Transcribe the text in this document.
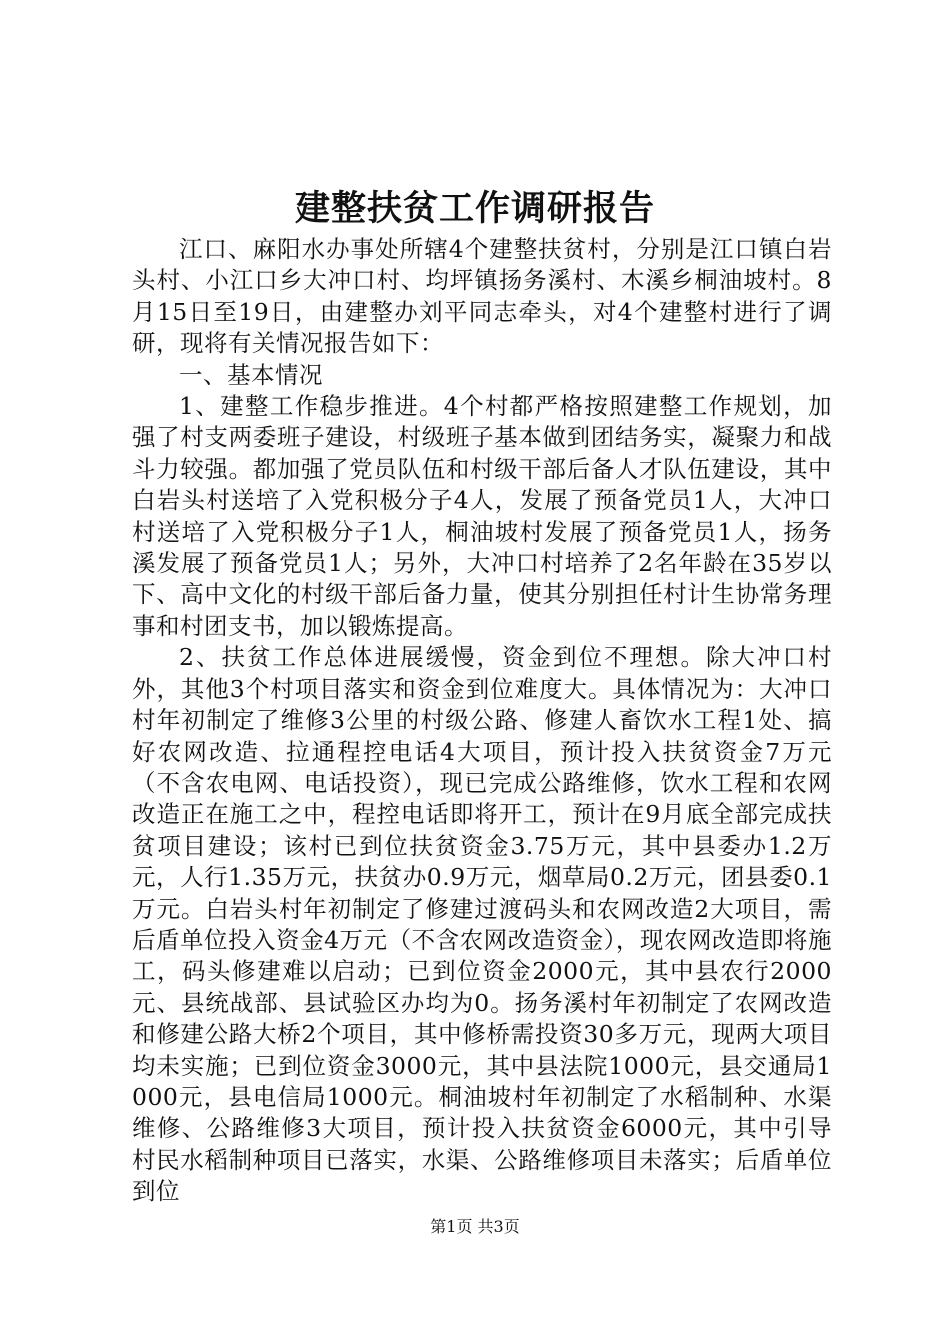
建整扶贫工作调研报告

江口、麻阳水办事处所辖4个建整扶贫村，分别是江口镇白岩头村、小江口乡大冲口村、均坪镇扬务溪村、木溪乡桐油坡村。8月15日至19日，由建整办刘平同志牵头，对4个建整村进行了调研，现将有关情况报告如下：

一、基本情况

1、建整工作稳步推进。4个村都严格按照建整工作规划，加强了村支两委班子建设，村级班子基本做到团结务实，凝聚力和战斗力较强。都加强了党员队伍和村级干部后备人才队伍建设，其中白岩头村送培了入党积极分子4人，发展了预备党员1人，大冲口村送培了入党积极分子1人，桐油坡村发展了预备党员1人，扬务溪发展了预备党员1人；另外，大冲口村培养了2名年龄在35岁以下、高中文化的村级干部后备力量，使其分别担任村计生协常务理事和村团支书，加以锻炼提高。

2、扶贫工作总体进展缓慢，资金到位不理想。除大冲口村外，其他3个村项目落实和资金到位难度大。具体情况为：大冲口村年初制定了维修3公里的村级公路、修建人畜饮水工程1处、搞好农网改造、拉通程控电话4大项目，预计投入扶贫资金7万元（不含农电网、电话投资），现已完成公路维修，饮水工程和农网改造正在施工之中，程控电话即将开工，预计在9月底全部完成扶贫项目建设；该村已到位扶贫资金3.75万元，其中县委办1.2万元，人行1.35万元，扶贫办0.9万元，烟草局0.2万元，团县委0.1万元。白岩头村年初制定了修建过渡码头和农网改造2大项目，需后盾单位投入资金4万元（不含农网改造资金），现农网改造即将施工，码头修建难以启动；已到位资金2000元，其中县农行2000元、县统战部、县试验区办均为0。扬务溪村年初制定了农网改造和修建公路大桥2个项目，其中修桥需投资30多万元，现两大项目均未实施；已到位资金3000元，其中县法院1000元，县交通局1000元，县电信局1000元。桐油坡村年初制定了水稻制种、水渠维修、公路维修3大项目，预计投入扶贫资金6000元，其中引导村民水稻制种项目已落实，水渠、公路维修项目未落实；后盾单位到位

第1页 共3页
